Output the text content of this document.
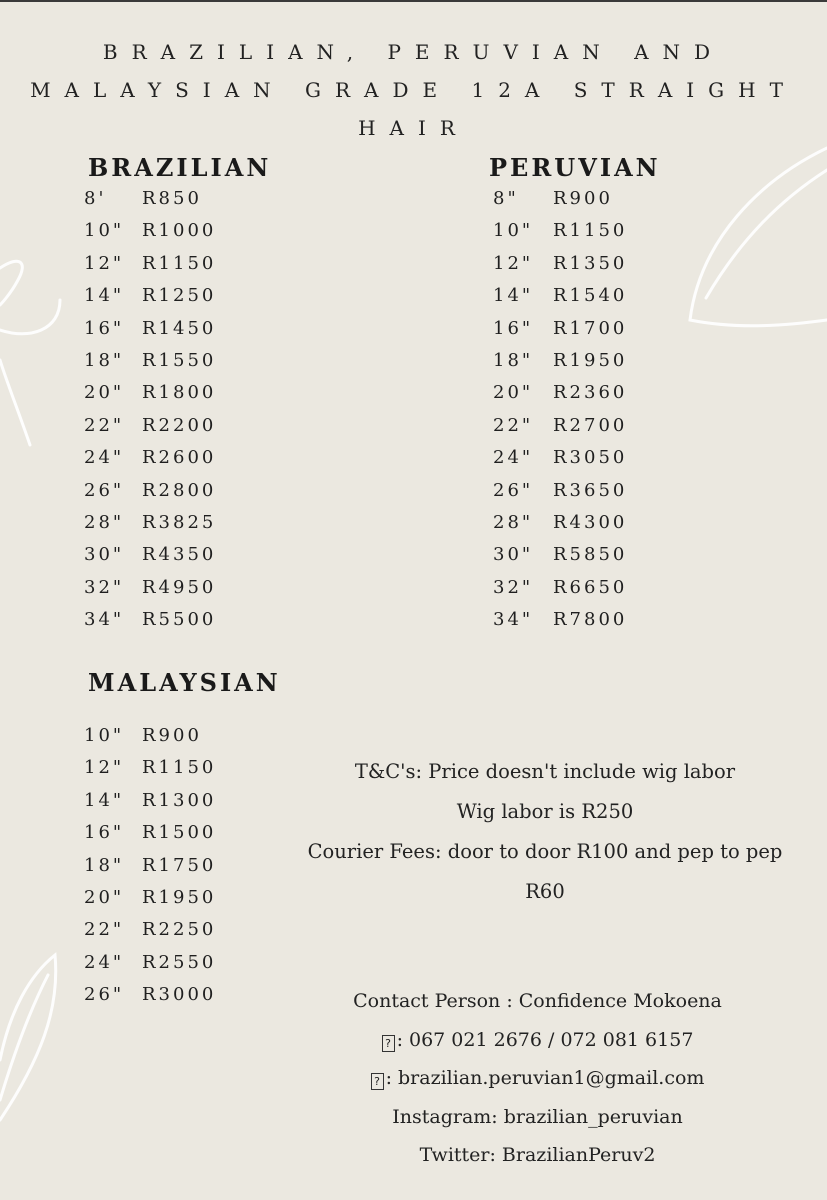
BRAZILIAN, PERUVIAN AND
MALAYSIAN GRADE 12A STRAIGHT
HAIR
BRAZILIAN
8' R850
10" R1000
12" R1150
14" R1250
16" R1450
18" R1550
20" R1800
22" R2200
24" R2600
26" R2800
28" R3825
30" R4350
32" R4950
34" R5500
PERUVIAN
8" R900
10" R1150
12" R1350
14" R1540
16" R1700
18" R1950
20" R2360
22" R2700
24" R3050
26" R3650
28" R4300
30" R5850
32" R6650
34" R7800
MALAYSIAN
10" R900
12" R1150
14" R1300
16" R1500
18" R1750
20" R1950
22" R2250
24" R2550
26" R3000
T&C's: Price doesn't include wig labor
Wig labor is R250
Courier Fees: door to door R100 and pep to pep
R60
Contact Person : Confidence Mokoena
? : 067 021 2676 / 072 081 6157
? : brazilian.peruvian1@gmail.com
Instagram: brazilian_peruvian
Twitter: BrazilianPeruv2
